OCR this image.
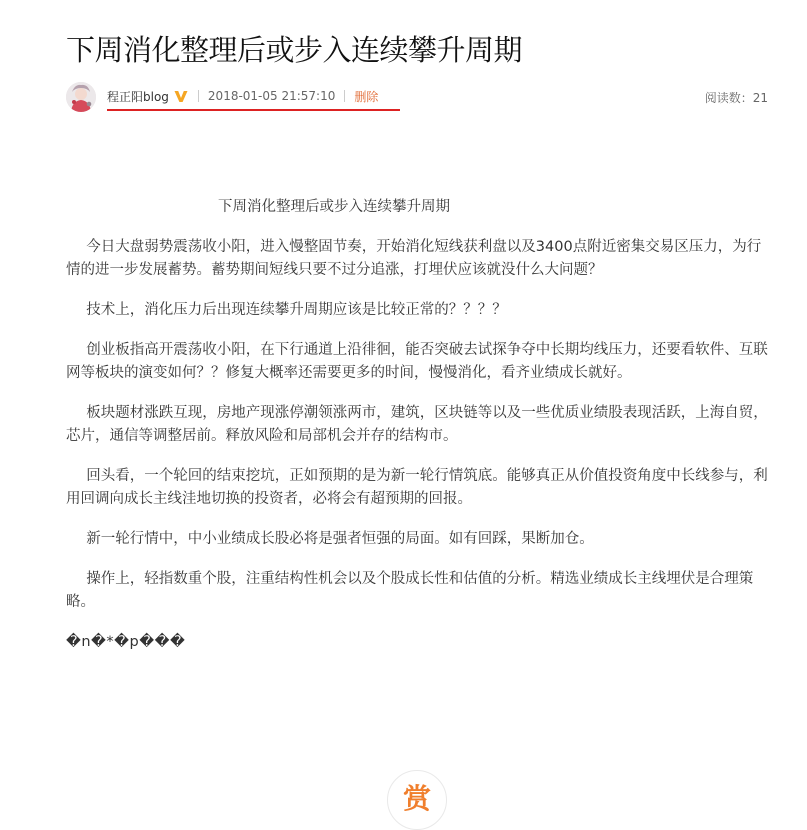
下周消化整理后或步入连续攀升周期
程正阳blog	2018-01-05 21:57:10 删除	阅读数：21

下周消化整理后或步入连续攀升周期

今日大盘弱势震荡收小阳，进入慢整固节奏，开始消化短线获利盘以及3400点附近密集交易区压力，为行情的进一步发展蓄势。蓄势期间短线只要不过分追涨，打埋伏应该就没什么大问题？

技术上，消化压力后出现连续攀升周期应该是比较正常的？？？？

创业板指高开震荡收小阳，在下行通道上沿徘徊，能否突破去试探争夺中长期均线压力，还要看软件、互联网等板块的演变如何？？修复大概率还需要更多的时间，慢慢消化，看齐业绩成长就好。

板块题材涨跌互现，房地产现涨停潮领涨两市，建筑，区块链等以及一些优质业绩股表现活跃，上海自贸，芯片，通信等调整居前。释放风险和局部机会并存的结构市。

回头看，一个轮回的结束挖坑，正如预期的是为新一轮行情筑底。能够真正从价值投资角度中长线参与，利用回调向成长主线洼地切换的投资者，必将会有超预期的回报。

新一轮行情中，中小业绩成长股必将是强者恒强的局面。如有回踩，果断加仓。

操作上，轻指数重个股，注重结构性机会以及个股成长性和估值的分析。精选业绩成长主线埋伏是合理策略。

�n�*�p���

赏
